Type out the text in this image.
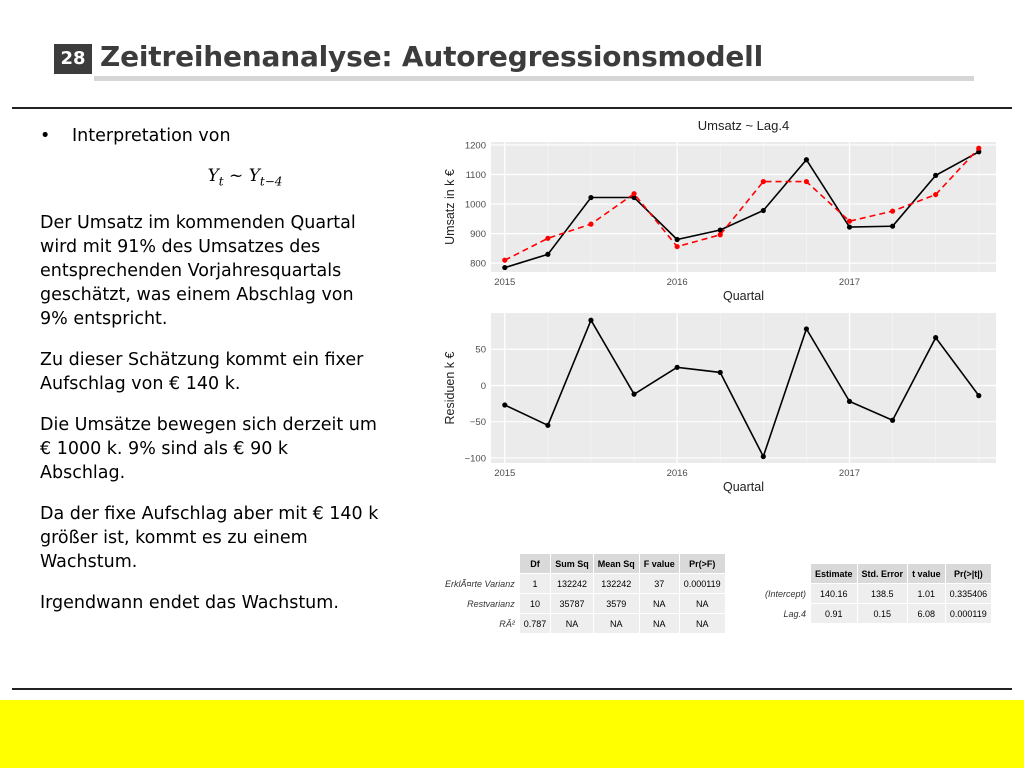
28 Zeitreihenanalyse: Autoregressionsmodell
• Interpretation von
$Y_t$ ~ $Y_{t-4}$

Der Umsatz im kommenden Quartal
wird mit 91% des Umsatzes des
entsprechenden Vorjahresquartals
geschätzt, was einem Abschlag von
9% entspricht.

Zu dieser Schätzung kommt ein fixer
Aufschlag von € 140 k.

Die Umsätze bewegen sich derzeit um
€ 1000 k. 9% sind als € 90 k
Abschlag.

Da der fixe Aufschlag aber mit € 140 k
größer ist, kommt es zu einem
Wachstum.

Irgendwann endet das Wachstum.

800
900
1000
1100
1200
2015	2016	2017
Umsatz ~ Lag.4
Quartal
Umsatz in k €
−100
−50
0
50
2015	2016	2017
Quartal
Residuen k €
	Df	Sum Sq	Mean Sq	F value	Pr(>F)
ErklÃ¤rte Varianz	1	132242	132242	37	0.000119
Restvarianz	10	35787	3579	NA	NA
RÂ²	0.787	NA	NA	NA	NA
	Estimate	Std. Error	t value	Pr(>|t|)
(Intercept)	140.16	138.5	1.01	0.335406
Lag.4	0.91	0.15	6.08	0.000119
